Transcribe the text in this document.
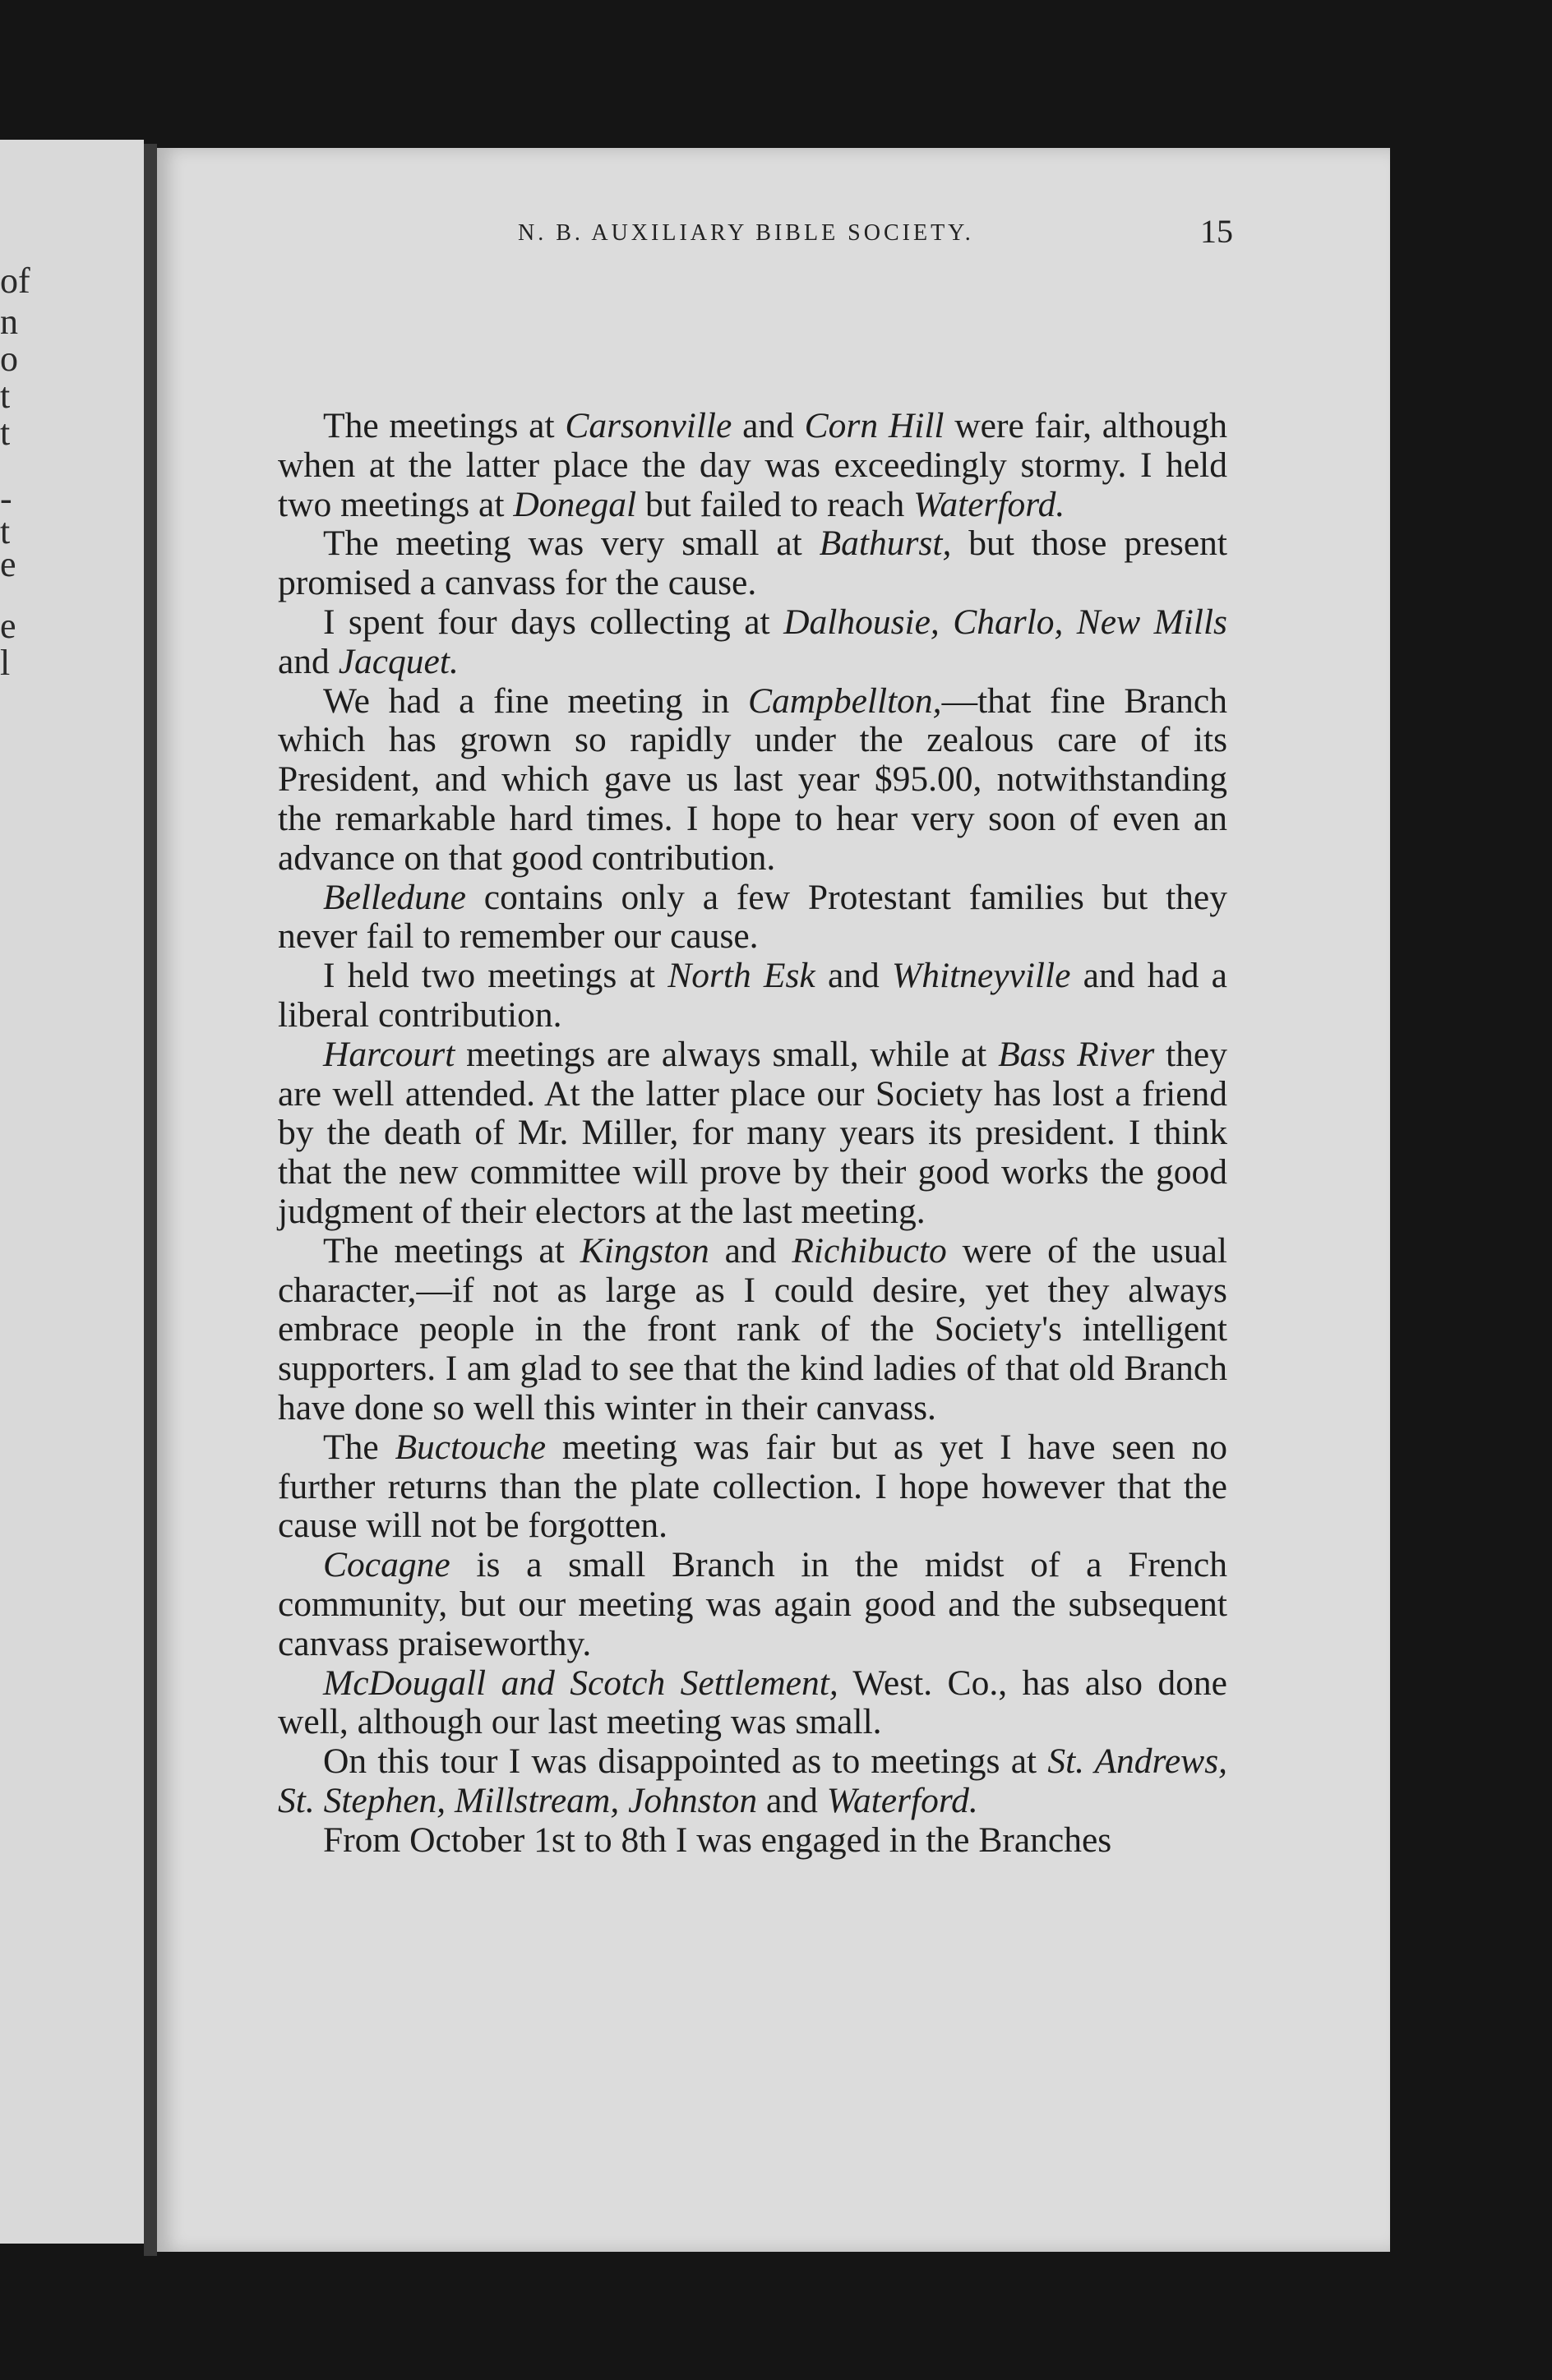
N. B. AUXILIARY BIBLE SOCIETY.	15

The meetings at Carsonville and Corn Hill were fair, although when at the latter place the day was exceedingly stormy. I held two meetings at Donegal but failed to reach Waterford.

The meeting was very small at Bathurst, but those present promised a canvass for the cause.

I spent four days collecting at Dalhousie, Charlo, New Mills and Jacquet.

We had a fine meeting in Campbellton,—that fine Branch which has grown so rapidly under the zealous care of its President, and which gave us last year $95.00, notwithstanding the remarkable hard times. I hope to hear very soon of even an advance on that good contribution.

Belledune contains only a few Protestant families but they never fail to remember our cause.

I held two meetings at North Esk and Whitneyville and had a liberal contribution.

Harcourt meetings are always small, while at Bass River they are well attended. At the latter place our Society has lost a friend by the death of Mr. Miller, for many years its president. I think that the new committee will prove by their good works the good judgment of their electors at the last meeting.

The meetings at Kingston and Richibucto were of the usual character,—if not as large as I could desire, yet they always embrace people in the front rank of the Society's intelligent supporters. I am glad to see that the kind ladies of that old Branch have done so well this winter in their canvass.

The Buctouche meeting was fair but as yet I have seen no further returns than the plate collection. I hope however that the cause will not be forgotten.

Cocagne is a small Branch in the midst of a French community, but our meeting was again good and the subsequent canvass praiseworthy.

McDougall and Scotch Settlement, West. Co., has also done well, although our last meeting was small.

On this tour I was disappointed as to meetings at St. Andrews, St. Stephen, Millstream, Johnston and Waterford.

From October 1st to 8th I was engaged in the Branches

of
n
o
t
t
-
t
e
e
l
